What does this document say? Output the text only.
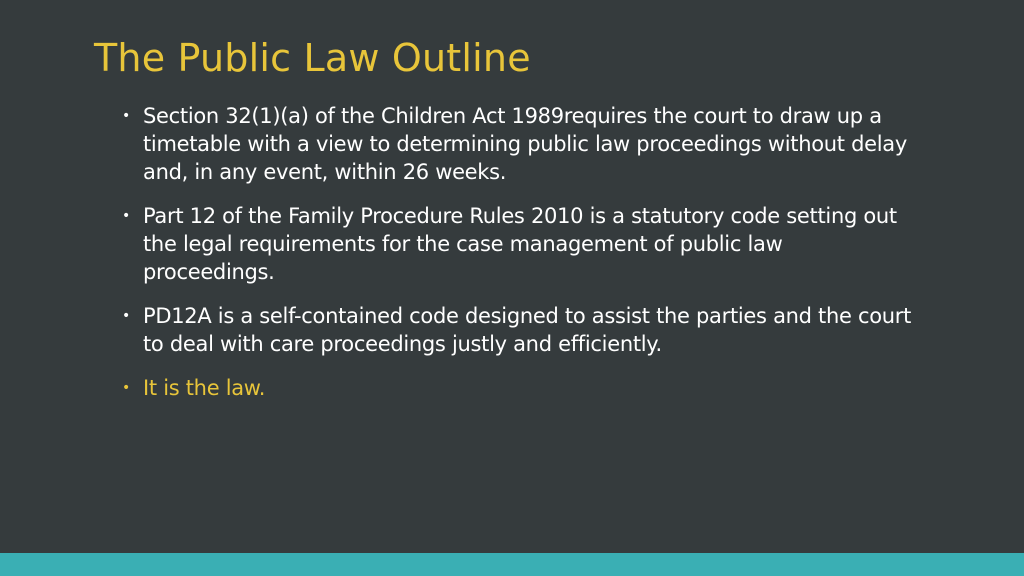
The Public Law Outline
• Section 32(1)(a) of the Children Act 1989requires the court to draw up a timetable with a view to determining public law proceedings without delay and, in any event, within 26 weeks.
• Part 12 of the Family Procedure Rules 2010 is a statutory code setting out the legal requirements for the case management of public law proceedings.
• PD12A is a self-contained code designed to assist the parties and the court to deal with care proceedings justly and efficiently.
• It is the law.
